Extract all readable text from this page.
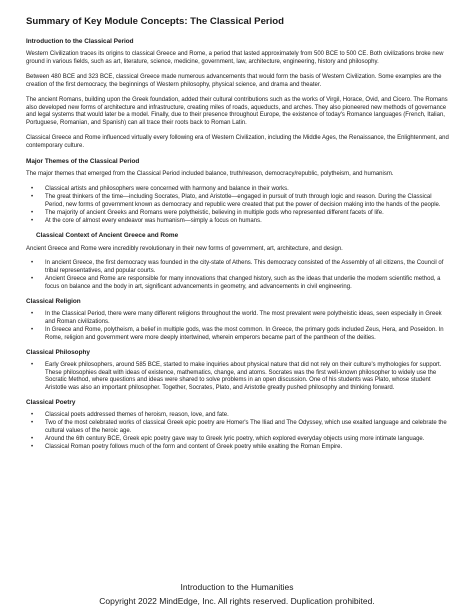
Summary of Key Module Concepts: The Classical Period
Introduction to the Classical Period
Western Civilization traces its origins to classical Greece and Rome, a period that lasted approximately from 500 BCE to 500 CE. Both civilizations broke new ground in various fields, such as art, literature, science, medicine, government, law, architecture, engineering, history and philosophy.
Between 480 BCE and 323 BCE, classical Greece made numerous advancements that would form the basis of Western Civilization. Some examples are the creation of the first democracy, the beginnings of Western philosophy, physical science, and drama and theater.
The ancient Romans, building upon the Greek foundation, added their cultural contributions such as the works of Virgil, Horace, Ovid, and Cicero. The Romans also developed new forms of architecture and infrastructure, creating miles of roads, aqueducts, and arches. They also pioneered new methods of governance and legal systems that would later be a model. Finally, due to their presence throughout Europe, the existence of today's Romance languages (French, Italian, Portuguese, Romanian, and Spanish) can all trace their roots back to Roman Latin.
Classical Greece and Rome influenced virtually every following era of Western Civilization, including the Middle Ages, the Renaissance, the Enlightenment, and contemporary culture.
Major Themes of the Classical Period
The major themes that emerged from the Classical Period included balance, truth/reason, democracy/republic, polytheism, and humanism.
• Classical artists and philosophers were concerned with harmony and balance in their works.
• The great thinkers of the time—including Socrates, Plato, and Aristotle—engaged in pursuit of truth through logic and reason. During the Classical Period, new forms of government known as democracy and republic were created that put the power of decision making into the hands of the people.
• The majority of ancient Greeks and Romans were polytheistic, believing in multiple gods who represented different facets of life.
• At the core of almost every endeavor was humanism—simply a focus on humans.
Classical Context of Ancient Greece and Rome
Ancient Greece and Rome were incredibly revolutionary in their new forms of government, art, architecture, and design.
• In ancient Greece, the first democracy was founded in the city-state of Athens. This democracy consisted of the Assembly of all citizens, the Council of tribal representatives, and popular courts.
• Ancient Greece and Rome are responsible for many innovations that changed history, such as the ideas that underlie the modern scientific method, a focus on balance and the body in art, significant advancements in geometry, and advancements in civil engineering.
Classical Religion
• In the Classical Period, there were many different religions throughout the world. The most prevalent were polytheistic ideas, seen especially in Greek and Roman civilizations.
• In Greece and Rome, polytheism, a belief in multiple gods, was the most common. In Greece, the primary gods included Zeus, Hera, and Poseidon. In Rome, religion and government were more deeply intertwined, wherein emperors became part of the pantheon of the deities.
Classical Philosophy
• Early Greek philosophers, around 585 BCE, started to make inquiries about physical nature that did not rely on their culture's mythologies for support. These philosophies dealt with ideas of existence, mathematics, change, and atoms. Socrates was the first well-known philosopher to widely use the Socratic Method, where questions and ideas were shared to solve problems in an open discussion. One of his students was Plato, whose student Aristotle was also an important philosopher. Together, Socrates, Plato, and Aristotle greatly pushed philosophy and thinking forward.
Classical Poetry
• Classical poets addressed themes of heroism, reason, love, and fate.
• Two of the most celebrated works of classical Greek epic poetry are Homer's The Iliad and The Odyssey, which use exalted language and celebrate the cultural values of the heroic age.
• Around the 6th century BCE, Greek epic poetry gave way to Greek lyric poetry, which explored everyday objects using more intimate language.
• Classical Roman poetry follows much of the form and content of Greek poetry while exalting the Roman Empire.
Introduction to the Humanities
Copyright 2022 MindEdge, Inc. All rights reserved. Duplication prohibited.
